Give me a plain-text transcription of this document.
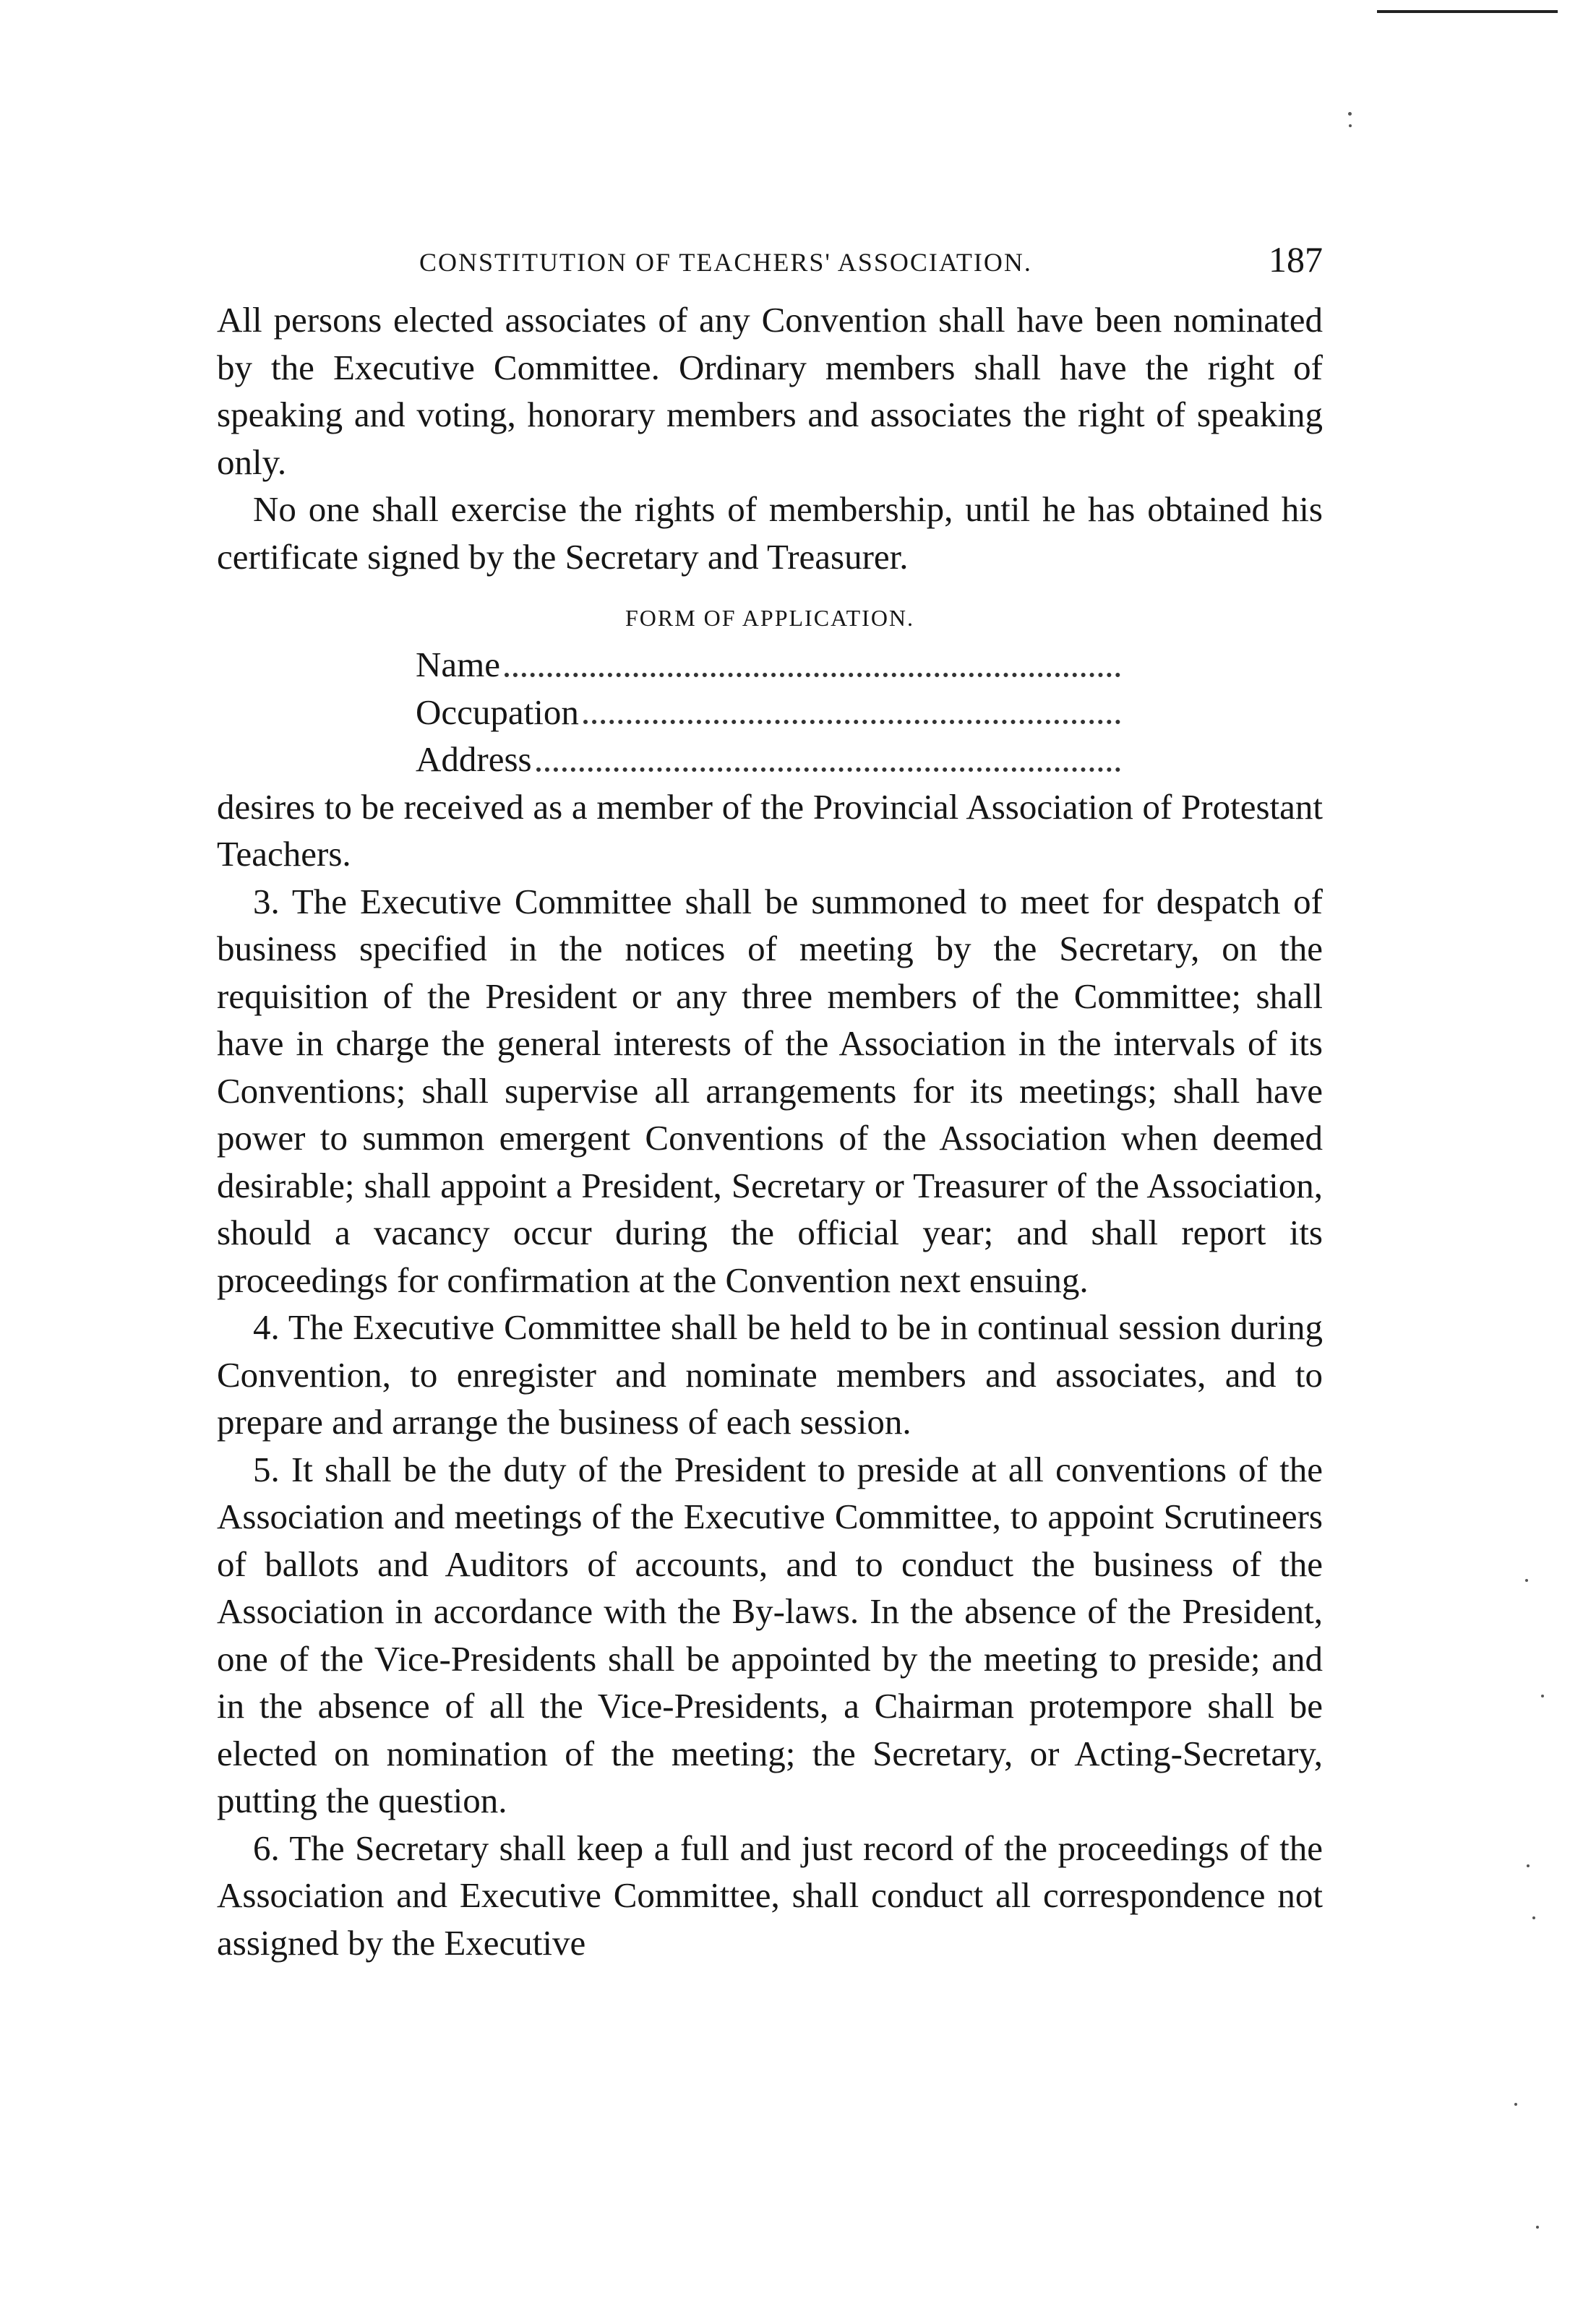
CONSTITUTION OF TEACHERS' ASSOCIATION.	187

All persons elected associates of any Convention shall have been nominated by the Executive Committee. Ordinary members shall have the right of speaking and voting, honorary members and associates the right of speaking only.

No one shall exercise the rights of membership, until he has obtained his certificate signed by the Secretary and Treasurer.

FORM OF APPLICATION.
Name
Occupation
Address

desires to be received as a member of the Provincial Association of Protestant Teachers.

3. The Executive Committee shall be summoned to meet for despatch of business specified in the notices of meeting by the Secretary, on the requisition of the President or any three members of the Committee; shall have in charge the general interests of the Association in the intervals of its Conventions; shall supervise all arrangements for its meetings; shall have power to summon emergent Conventions of the Association when deemed desirable; shall appoint a President, Secretary or Treasurer of the Association, should a vacancy occur during the official year; and shall report its proceedings for confirmation at the Convention next ensuing.

4. The Executive Committee shall be held to be in continual session during Convention, to enregister and nominate members and associates, and to prepare and arrange the business of each session.

5. It shall be the duty of the President to preside at all conventions of the Association and meetings of the Executive Committee, to appoint Scrutineers of ballots and Auditors of accounts, and to conduct the business of the Association in accordance with the By-laws. In the absence of the President, one of the Vice-Presidents shall be appointed by the meeting to preside; and in the absence of all the Vice-Presidents, a Chairman protempore shall be elected on nomination of the meeting; the Secretary, or Acting-Secretary, putting the question.

6. The Secretary shall keep a full and just record of the proceedings of the Association and Executive Committee, shall conduct all correspondence not assigned by the Executive
